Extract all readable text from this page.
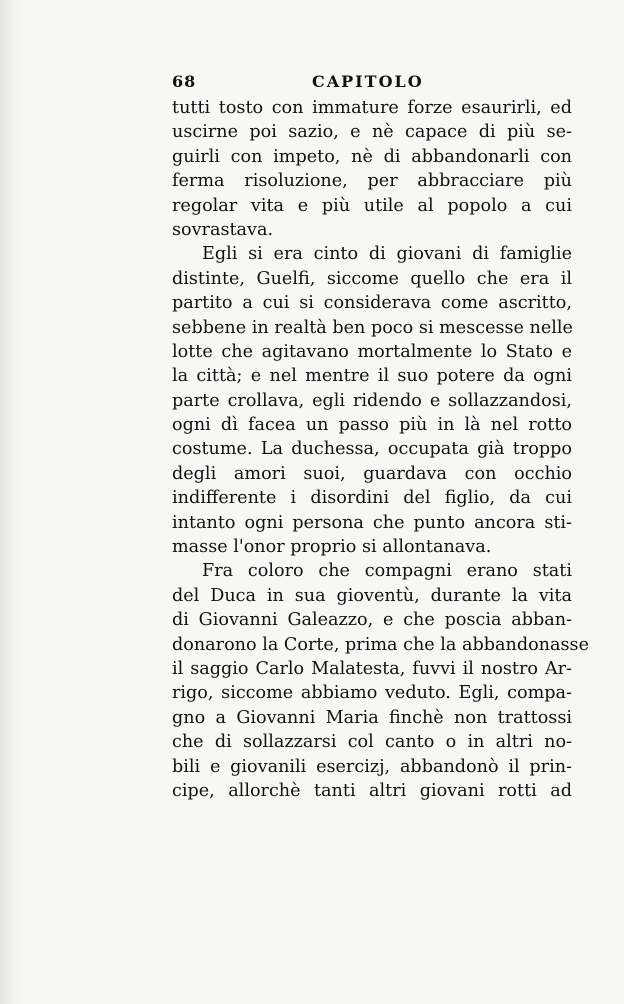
68	CAPITOLO
tutti tosto con immature forze esaurirli, ed
uscirne poi sazio, e nè capace di più se-
guirli con impeto, nè di abbandonarli con
ferma risoluzione, per abbracciare più
regolar vita e più utile al popolo a cui
sovrastava.
Egli si era cinto di giovani di famiglie
distinte, Guelfi, siccome quello che era il
partito a cui si considerava come ascritto,
sebbene in realtà ben poco si mescesse nelle
lotte che agitavano mortalmente lo Stato e
la città; e nel mentre il suo potere da ogni
parte crollava, egli ridendo e sollazzandosi,
ogni dì facea un passo più in là nel rotto
costume. La duchessa, occupata già troppo
degli amori suoi, guardava con occhio
indifferente i disordini del figlio, da cui
intanto ogni persona che punto ancora sti-
masse l'onor proprio si allontanava.
Fra coloro che compagni erano stati
del Duca in sua gioventù, durante la vita
di Giovanni Galeazzo, e che poscia abban-
donarono la Corte, prima che la abbandonasse
il saggio Carlo Malatesta, fuvvi il nostro Ar-
rigo, siccome abbiamo veduto. Egli, compa-
gno a Giovanni Maria finchè non trattossi
che di sollazzarsi col canto o in altri no-
bili e giovanili esercizj, abbandonò il prin-
cipe, allorchè tanti altri giovani rotti ad
